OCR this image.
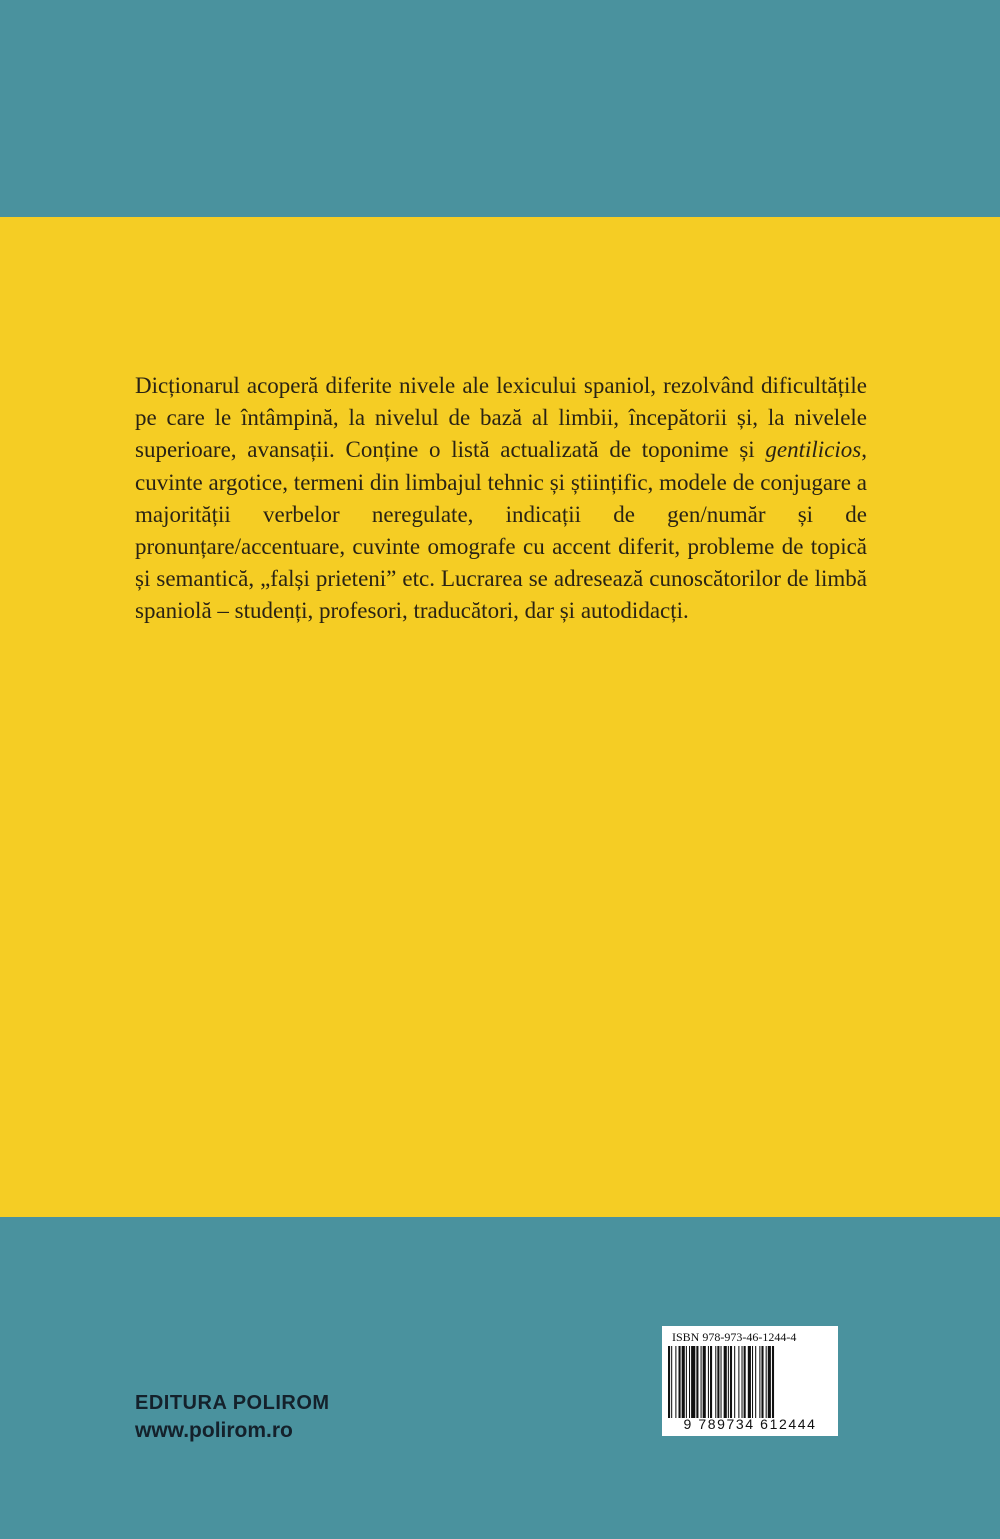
Dicționarul acoperă diferite nivele ale lexicului spaniol, rezolvând dificultățile pe care le întâmpină, la nivelul de bază al limbii, începătorii și, la nivelele superioare, avansații. Conține o listă actualizată de toponime și gentilicios, cuvinte argotice, termeni din limbajul tehnic și științific, modele de conjugare a majorității verbelor neregulate, indicații de gen/număr și de pronunțare/accentuare, cuvinte omografe cu accent diferit, probleme de topică și semantică, „falși prieteni” etc. Lucrarea se adresează cunoscătorilor de limbă spaniolă – studenți, profesori, traducători, dar și autodidacți.

EDITURA POLIROM
www.polirom.ro
ISBN 978-973-46-1244-4
9 789734 612444
